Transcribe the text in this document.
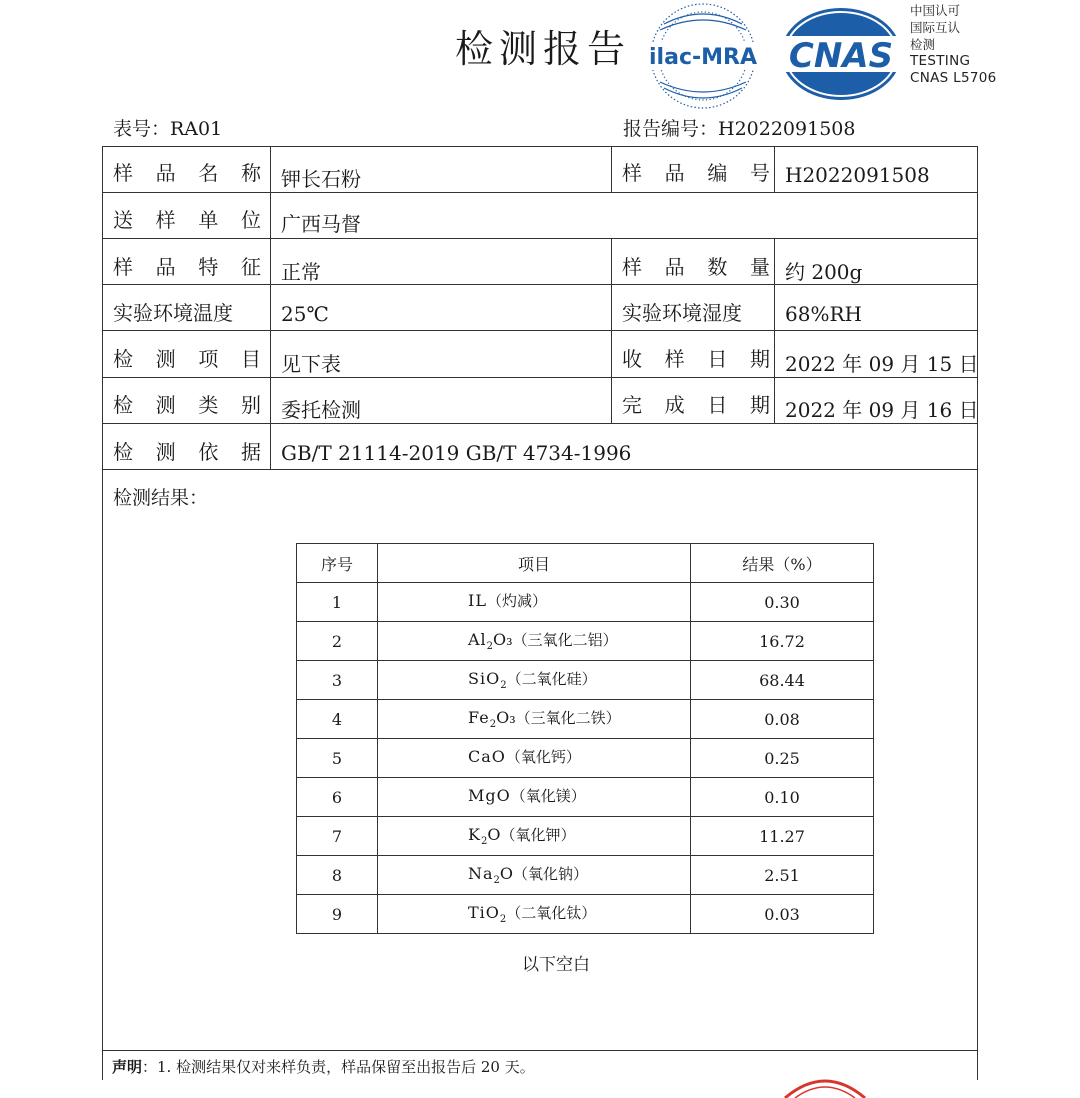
检测报告 ilac-MRA CNAS
中国认可
国际互认
检测
TESTING
CNAS L5706
表号：RA01	报告编号：H2022091508
样 品 名 称 钾长石粉	样 品 编 号 H2022091508
送 样 单 位 广西马督
样 品 特 征 正常	样 品 数 量 约 200g
实验环境温度 25℃	实验环境湿度 68%RH
检 测 项 目 见下表	收 样 日 期 2022 年 09 月 15 日
检 测 类 别 委托检测	完 成 日 期 2022 年 09 月 16 日
检 测 依 据 GB/T 21114-2019 GB/T 4734-1996
检测结果：
序号	项目	结果（%）
1	IL（灼减）	0.30
2	$Al_2O_3$（三氧化二铝）	16.72
3	SiO$_2$（二氧化硅）	68.44
4	$Fe_2O_3$（三氧化二铁）	0.08
5	CaO（氧化钙）	0.25
6	MgO（氧化镁）	0.10
7	$K_2O$（氧化钾）	11.27
8	$Na_2O$（氧化钠）	2.51
9	TiO$_2$（二氧化钛）	0.03
以下空白
声明：1. 检测结果仅对来样负责，样品保留至出报告后 20 天。
